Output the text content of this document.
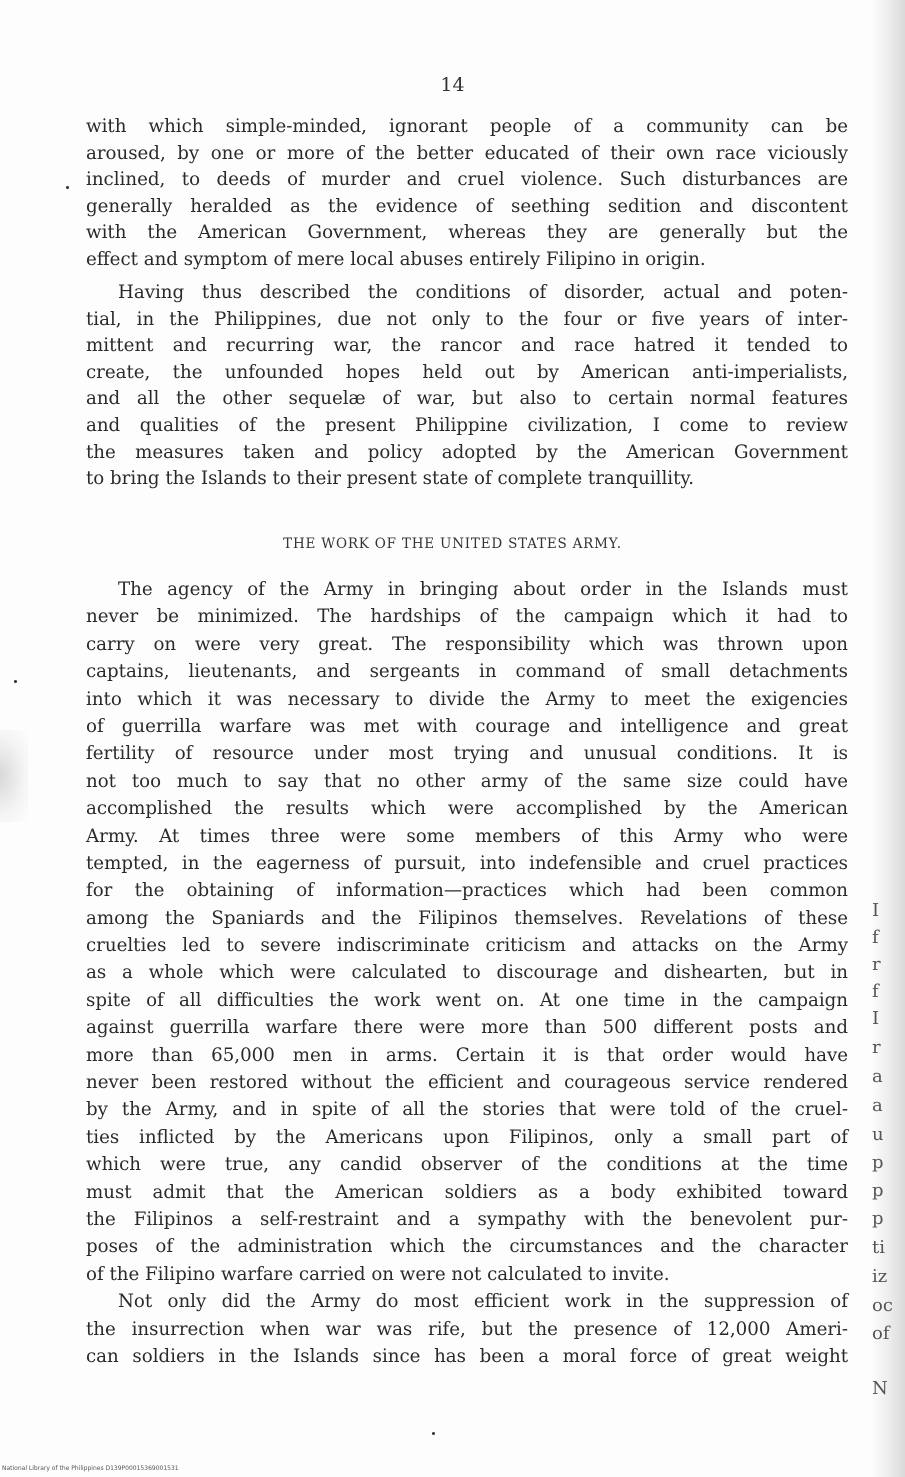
14
with which simple-minded, ignorant people of a community can be
aroused, by one or more of the better educated of their own race viciously
inclined, to deeds of murder and cruel violence. Such disturbances are
generally heralded as the evidence of seething sedition and discontent
with the American Government, whereas they are generally but the
effect and symptom of mere local abuses entirely Filipino in origin.
Having thus described the conditions of disorder, actual and poten-
tial, in the Philippines, due not only to the four or five years of inter-
mittent and recurring war, the rancor and race hatred it tended to
create, the unfounded hopes held out by American anti-imperialists,
and all the other sequelæ of war, but also to certain normal features
and qualities of the present Philippine civilization, I come to review
the measures taken and policy adopted by the American Government
to bring the Islands to their present state of complete tranquillity.
THE WORK OF THE UNITED STATES ARMY.
The agency of the Army in bringing about order in the Islands must
never be minimized. The hardships of the campaign which it had to
carry on were very great. The responsibility which was thrown upon
captains, lieutenants, and sergeants in command of small detachments
into which it was necessary to divide the Army to meet the exigencies
of guerrilla warfare was met with courage and intelligence and great
fertility of resource under most trying and unusual conditions. It is
not too much to say that no other army of the same size could have
accomplished the results which were accomplished by the American
Army. At times three were some members of this Army who were
tempted, in the eagerness of pursuit, into indefensible and cruel practices
for the obtaining of information—practices which had been common
among the Spaniards and the Filipinos themselves. Revelations of these
cruelties led to severe indiscriminate criticism and attacks on the Army
as a whole which were calculated to discourage and dishearten, but in
spite of all difficulties the work went on. At one time in the campaign
against guerrilla warfare there were more than 500 different posts and
more than 65,000 men in arms. Certain it is that order would have
never been restored without the efficient and courageous service rendered
by the Army, and in spite of all the stories that were told of the cruel-
ties inflicted by the Americans upon Filipinos, only a small part of
which were true, any candid observer of the conditions at the time
must admit that the American soldiers as a body exhibited toward
the Filipinos a self-restraint and a sympathy with the benevolent pur-
poses of the administration which the circumstances and the character
of the Filipino warfare carried on were not calculated to invite.
Not only did the Army do most efficient work in the suppression of
the insurrection when war was rife, but the presence of 12,000 Ameri-
can soldiers in the Islands since has been a moral force of great weight
I
f
r
f
I
r
a
a
u
p
p
p
ti
iz
oc
of
N
National Library of the Philippines D139P00015369001531
